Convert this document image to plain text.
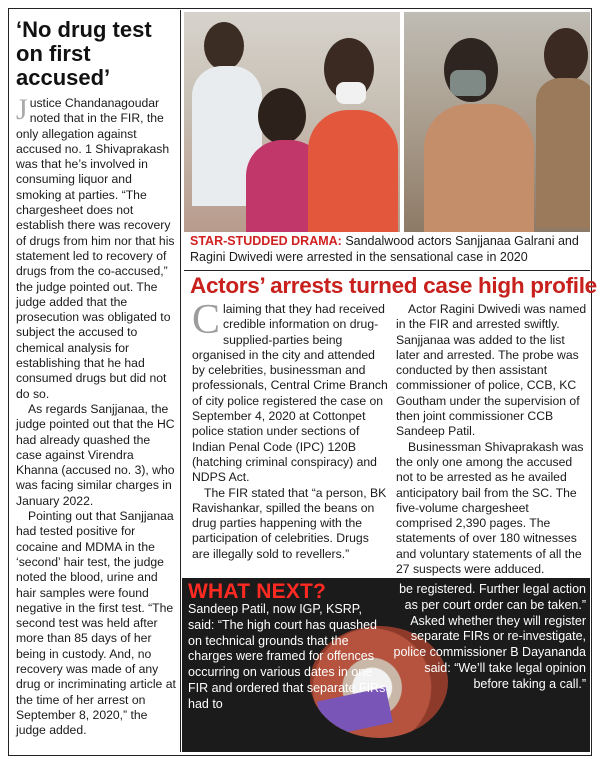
‘No drug test on first accused’

Justice Chandanagoudar noted that in the FIR, the only allegation against accused no. 1 Shivaprakash was that he’s involved in consuming liquor and smoking at parties. “The chargesheet does not establish there was recovery of drugs from him nor that his statement led to recovery of drugs from the co-accused,” the judge pointed out. The judge added that the prosecution was obligated to subject the accused to chemical analysis for establishing that he had consumed drugs but did not do so.

As regards Sanjjanaa, the judge pointed out that the HC had already quashed the case against Virendra Khanna (accused no. 3), who was facing similar charges in January 2022.

Pointing out that Sanjjanaa had tested positive for cocaine and MDMA in the ‘second’ hair test, the judge noted the blood, urine and hair samples were found negative in the first test. “The second test was held after more than 85 days of her being in custody. And, no recovery was made of any drug or incriminating article at the time of her arrest on September 8, 2020,” the judge added.

STAR-STUDDED DRAMA: Sandalwood actors Sanjjanaa Galrani and Ragini Dwivedi were arrested in the sensational case in 2020
Actors’ arrests turned case high profile

Claiming that they had received credible information on drug-supplied-parties being organised in the city and attended by celebrities, businessman and professionals, Central Crime Branch of city police registered the case on September 4, 2020 at Cottonpet police station under sections of Indian Penal Code (IPC) 120B (hatching criminal conspiracy) and NDPS Act.

The FIR stated that “a person, BK Ravishankar, spilled the beans on drug parties happening with the participation of celebrities. Drugs are illegally sold to revellers.”

Actor Ragini Dwivedi was named in the FIR and arrested swiftly. Sanjjanaa was added to the list later and arrested. The probe was conducted by then assistant commissioner of police, CCB, KC Goutham under the supervision of then joint commissioner CCB Sandeep Patil.

Businessman Shivaprakash was the only one among the accused not to be arrested as he availed anticipatory bail from the SC. The five-volume chargesheet comprised 2,390 pages. The statements of over 180 witnesses and voluntary statements of all the 27 suspects were adduced.

WHAT NEXT?
Sandeep Patil, now IGP, KSRP, said: “The high court has quashed on technical grounds that the charges were framed for offences occurring on various dates in one FIR and ordered that separate FIRs had to
be registered. Further legal action as per court order can be taken.” Asked whether they will register separate FIRs or re-investigate, police commissioner B Dayananda said: “We’ll take legal opinion before taking a call.”
